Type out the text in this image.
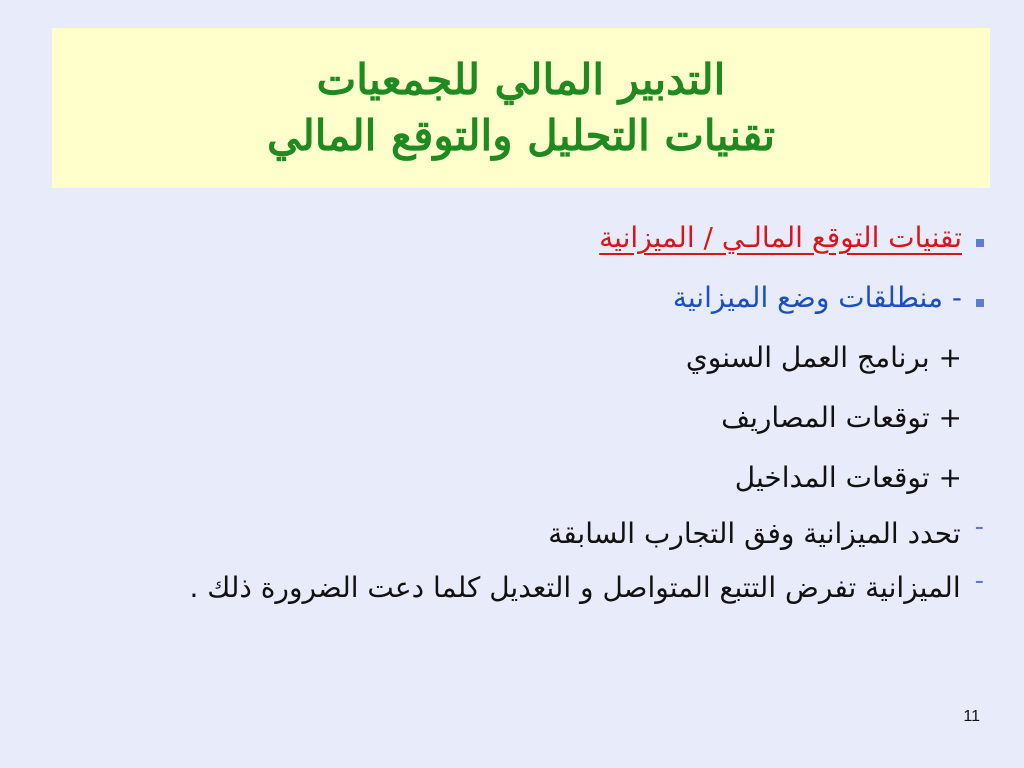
التدبير المالي للجمعيات
تقنيات التحليل والتوقع المالي
تقنيات التوقع المالـي / الميزانية
- منطلقات وضع الميزانية
+ برنامج العمل السنوي
+ توقعات المصاريف
+ توقعات المداخيل
-
تحدد الميزانية وفق التجارب السابقة
-
الميزانية تفرض التتبع المتواصل و التعديل كلما دعت الضرورة ذلك .
11
